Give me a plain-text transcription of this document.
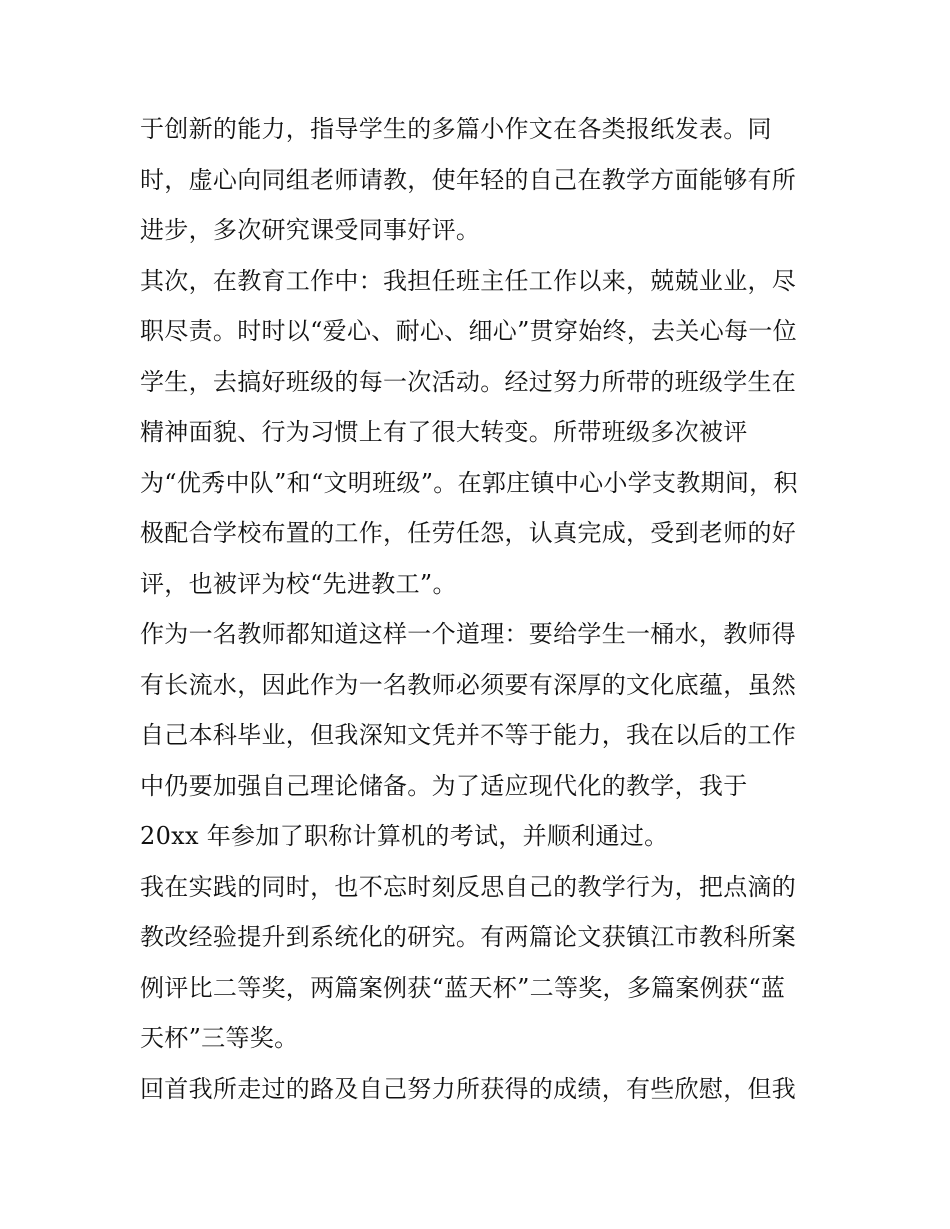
于创新的能力，指导学生的多篇小作文在各类报纸发表。同
时，虚心向同组老师请教，使年轻的自己在教学方面能够有所
进步，多次研究课受同事好评。
其次，在教育工作中：我担任班主任工作以来，兢兢业业，尽
职尽责。时时以“爱心、耐心、细心”贯穿始终，去关心每一位
学生，去搞好班级的每一次活动。经过努力所带的班级学生在
精神面貌、行为习惯上有了很大转变。所带班级多次被评
为“优秀中队”和“文明班级”。在郭庄镇中心小学支教期间，积
极配合学校布置的工作，任劳任怨，认真完成，受到老师的好
评，也被评为校“先进教工”。
作为一名教师都知道这样一个道理：要给学生一桶水，教师得
有长流水，因此作为一名教师必须要有深厚的文化底蕴，虽然
自己本科毕业，但我深知文凭并不等于能力，我在以后的工作
中仍要加强自己理论储备。为了适应现代化的教学，我于
20xx 年参加了职称计算机的考试，并顺利通过。
我在实践的同时，也不忘时刻反思自己的教学行为，把点滴的
教改经验提升到系统化的研究。有两篇论文获镇江市教科所案
例评比二等奖，两篇案例获“蓝天杯”二等奖，多篇案例获“蓝
天杯”三等奖。
回首我所走过的路及自己努力所获得的成绩，有些欣慰，但我
